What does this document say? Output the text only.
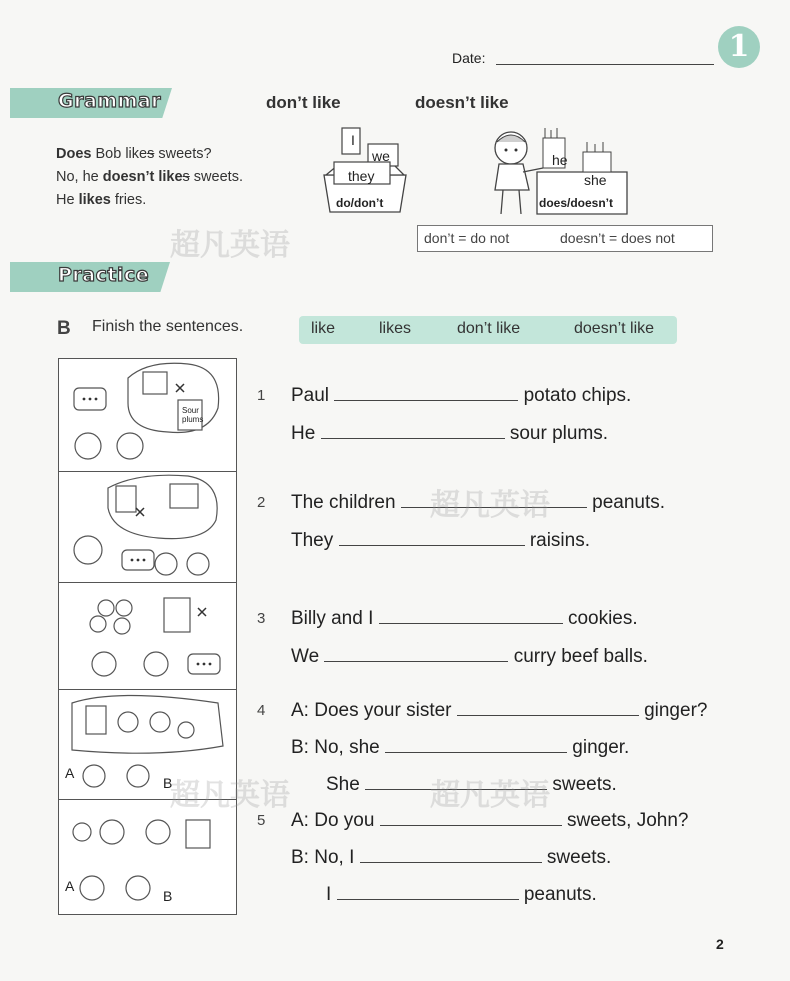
Date:	1
Grammar	don’t like	doesn’t like
Does Bob likes sweets?
No, he doesn’t likes sweets.
He likes fries.
I
we
they
do/don’t
he
she
does/doesn’t
don’t = do not	doesn’t = does not
Practice
B Finish the sentences.	like	likes	don’t like	doesn’t like
Sour plums
A
B
A
B
1 Paul	potato chips.
He	sour plums.
2 The children	peanuts.
They	raisins.
3 Billy and I	cookies.
We	curry beef balls.
4 A: Does your sister	ginger?
B: No, she	ginger.
She	sweets.
5 A: Do you	sweets, John?
B: No, I	sweets.
I	peanuts.
超凡英语
超凡英语
超凡英语	超凡英语
2
